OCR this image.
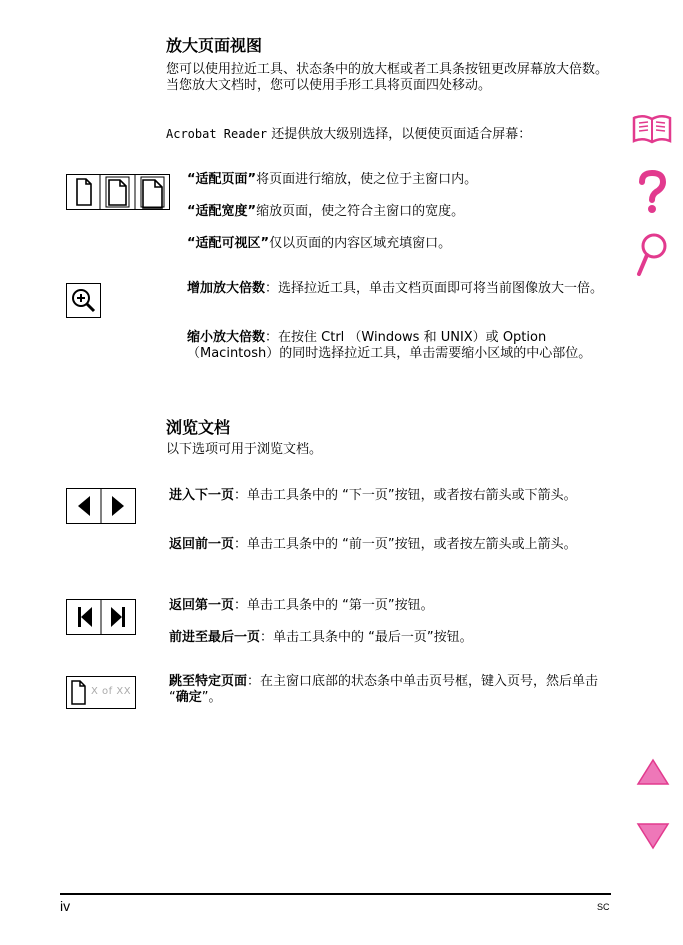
放大页面视图

您可以使用拉近工具、状态条中的放大框或者工具条按钮更改屏幕放大倍数。当您放大文档时，您可以使用手形工具将页面四处移动。

Acrobat Reader 还提供放大级别选择，以便使页面适合屏幕：

“适配页面”将页面进行缩放，使之位于主窗口内。

“适配宽度”缩放页面，使之符合主窗口的宽度。

“适配可视区”仅以页面的内容区域充填窗口。

增加放大倍数：选择拉近工具，单击文档页面即可将当前图像放大一倍。

缩小放大倍数：在按住 Ctrl （Windows 和 UNIX）或 Option （Macintosh）的同时选择拉近工具，单击需要缩小区域的中心部位。

浏览文档

以下选项可用于浏览文档。

进入下一页：单击工具条中的 “下一页”按钮，或者按右箭头或下箭头。

返回前一页：单击工具条中的 “前一页”按钮，或者按左箭头或上箭头。

返回第一页：单击工具条中的 “第一页”按钮。

前进至最后一页：单击工具条中的 “最后一页”按钮。

X of XX

跳至特定页面：在主窗口底部的状态条中单击页号框，键入页号，然后单击 “确定”。

iv	SC
